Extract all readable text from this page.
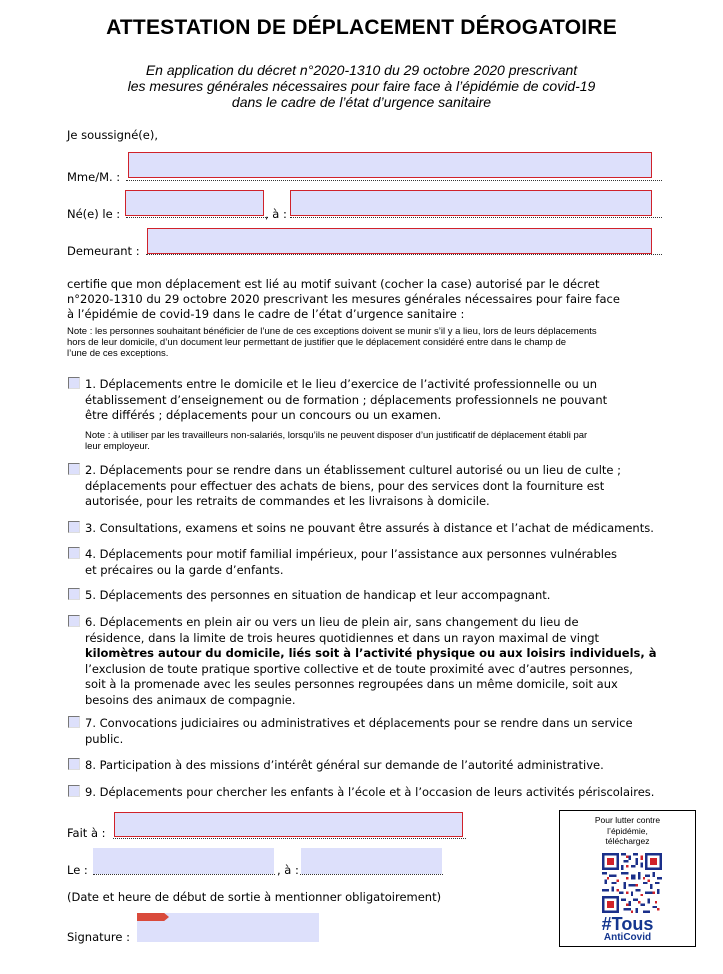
ATTESTATION DE DÉPLACEMENT DÉROGATOIRE
En application du décret n°2020-1310 du 29 octobre 2020 prescrivant
les mesures générales nécessaires pour faire face à l’épidémie de covid-19
dans le cadre de l’état d’urgence sanitaire
Je soussigné(e),
Mme/M. :
Né(e) le :	, à :
Demeurant :
certifie que mon déplacement est lié au motif suivant (cocher la case) autorisé par le décret
n°2020-1310 du 29 octobre 2020 prescrivant les mesures générales nécessaires pour faire face
à l’épidémie de covid-19 dans le cadre de l’état d’urgence sanitaire :
Note : les personnes souhaitant bénéficier de l’une de ces exceptions doivent se munir s’il y a lieu, lors de leurs déplacements
hors de leur domicile, d’un document leur permettant de justifier que le déplacement considéré entre dans le champ de
l’une de ces exceptions.
1. Déplacements entre le domicile et le lieu d’exercice de l’activité professionnelle ou un
établissement d’enseignement ou de formation ; déplacements professionnels ne pouvant
être différés ; déplacements pour un concours ou un examen.
Note : à utiliser par les travailleurs non-salariés, lorsqu’ils ne peuvent disposer d’un justificatif de déplacement établi par
leur employeur.
2. Déplacements pour se rendre dans un établissement culturel autorisé ou un lieu de culte ;
déplacements pour effectuer des achats de biens, pour des services dont la fourniture est
autorisée, pour les retraits de commandes et les livraisons à domicile.
3. Consultations, examens et soins ne pouvant être assurés à distance et l’achat de médicaments.
4. Déplacements pour motif familial impérieux, pour l’assistance aux personnes vulnérables
et précaires ou la garde d’enfants.
5. Déplacements des personnes en situation de handicap et leur accompagnant.
6. Déplacements en plein air ou vers un lieu de plein air, sans changement du lieu de
résidence, dans la limite de trois heures quotidiennes et dans un rayon maximal de vingt
kilomètres autour du domicile, liés soit à l’activité physique ou aux loisirs individuels, à
l’exclusion de toute pratique sportive collective et de toute proximité avec d’autres personnes,
soit à la promenade avec les seules personnes regroupées dans un même domicile, soit aux
besoins des animaux de compagnie.
7. Convocations judiciaires ou administratives et déplacements pour se rendre dans un service
public.
8. Participation à des missions d’intérêt général sur demande de l’autorité administrative.
9. Déplacements pour chercher les enfants à l’école et à l’occasion de leurs activités périscolaires.
Fait à :
Le :	, à :
(Date et heure de début de sortie à mentionner obligatoirement)
Signature :
Pour lutter contre
l’épidémie,
téléchargez
#Tous
AntiCovid
